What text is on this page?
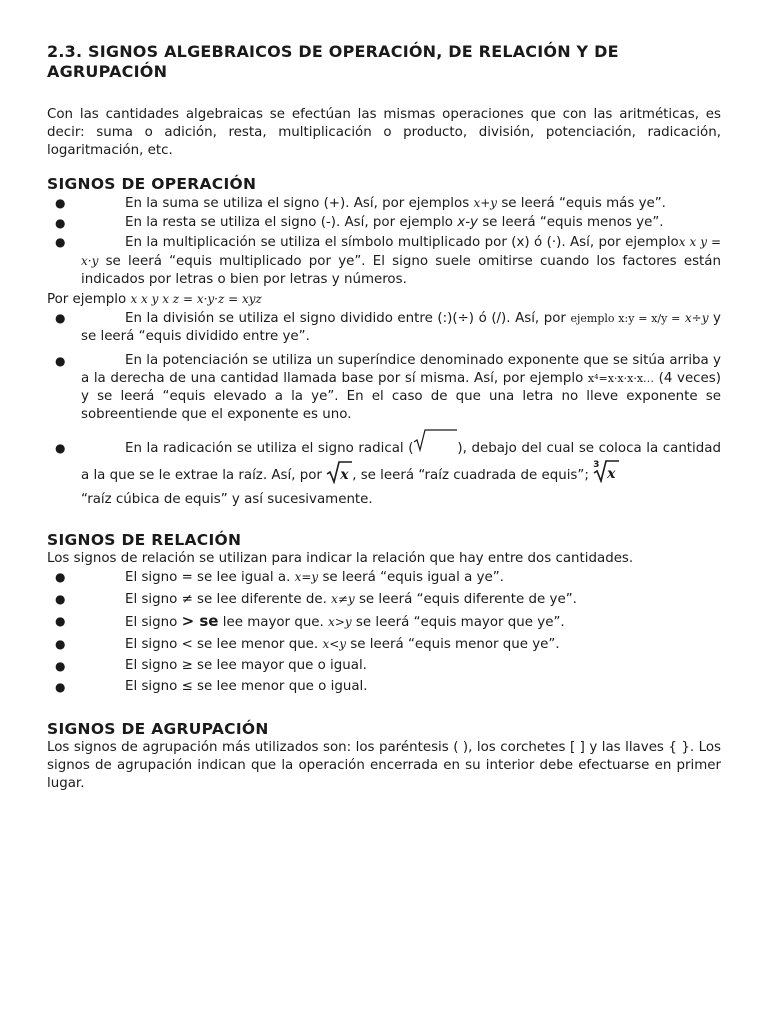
2.3. SIGNOS ALGEBRAICOS DE OPERACIÓN, DE RELACIÓN Y DE AGRUPACIÓN

Con las cantidades algebraicas se efectúan las mismas operaciones que con las aritméticas, es decir: suma o adición, resta, multiplicación o producto, división, potenciación, radicación, logaritmación, etc.

SIGNOS DE OPERACIÓN
●	En la suma se utiliza el signo (+). Así, por ejemplos x+y se leerá “equis más ye”.
●	En la resta se utiliza el signo (-). Así, por ejemplo x-y se leerá “equis menos ye”.
●	En la multiplicación se utiliza el símbolo multiplicado por (x) ó (·). Así, por ejemplox x y = x·y se leerá “equis multiplicado por ye”. El signo suele omitirse cuando los factores están indicados por letras o bien por letras y números.

Por ejemplo x x y x z = x·y·z = xyz

●	En la división se utiliza el signo dividido entre (:)(÷) ó (/). Así, por ejemplo x:y = x/y = x÷y y se leerá “equis dividido entre ye”.
●	En la potenciación se utiliza un superíndice denominado exponente que se sitúa arriba y a la derecha de una cantidad llamada base por sí misma. Así, por ejemplo x⁴=x·x·x·x… (4 veces) y se leerá “equis elevado a la ye”. En el caso de que una letra no lleve exponente se sobreentiende que el exponente es uno.
●	En la radicación se utiliza el signo radical (	), debajo del cual se coloca la cantidad a la que se le extrae la raíz. Así, por x , se leerá “raíz cuadrada de equis”;
3
x

“raíz cúbica de equis” y así sucesivamente.
SIGNOS DE RELACIÓN

Los signos de relación se utilizan para indicar la relación que hay entre dos cantidades.

●	El signo = se lee igual a. x=y se leerá “equis igual a ye”.
●	El signo ≠ se lee diferente de. x≠y se leerá “equis diferente de ye”.
●	El signo > se lee mayor que. x>y se leerá “equis mayor que ye”.
●	El signo < se lee menor que. x<y se leerá “equis menor que ye”.
●	El signo ≥ se lee mayor que o igual.
●	El signo ≤ se lee menor que o igual.
SIGNOS DE AGRUPACIÓN

Los signos de agrupación más utilizados son: los paréntesis ( ), los corchetes [ ] y las llaves { }. Los signos de agrupación indican que la operación encerrada en su interior debe efectuarse en primer lugar.
